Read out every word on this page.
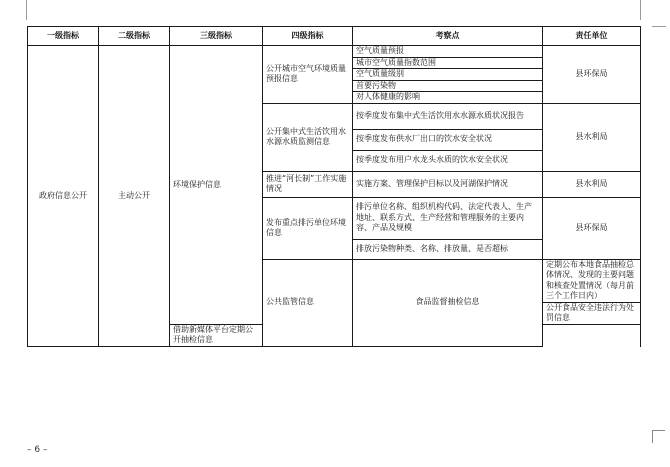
一级指标	二级指标	三级指标	四级指标	考察点	责任单位	
政府信息公开	主动公开	环境保护信息	公开城市空气环境质量预报信息	空气质量预报	县环保局	
				城市空气质量指数范围		
				空气质量级别		
				首要污染物		
				对人体健康的影响		
			公开集中式生活饮用水水源水质监测信息	按季度发布集中式生活饮用水水源水质状况报告	县水利局	
				按季度发布供水厂出口的饮水安全状况		
				按季度发布用户水龙头水质的饮水安全状况		
			推进“河长制”工作实施情况	实施方案、管理保护目标以及河湖保护情况	县水利局	
			发布重点排污单位环境信息	排污单位名称、组织机构代码、法定代表人、生产地址、联系方式、生产经营和管理服务的主要内容、产品及规模	县环保局	
				排放污染物种类、名称、排放量、是否超标		
			公共监管信息	食品监督抽检信息	定期公布本地食品抽检总体情况、发现的主要问题和核查处置情况（每月前三个工作日内）	
					公开食品安全违法行为处罚信息	
		借助新媒体平台定期公开抽检信息				
– 6 –
